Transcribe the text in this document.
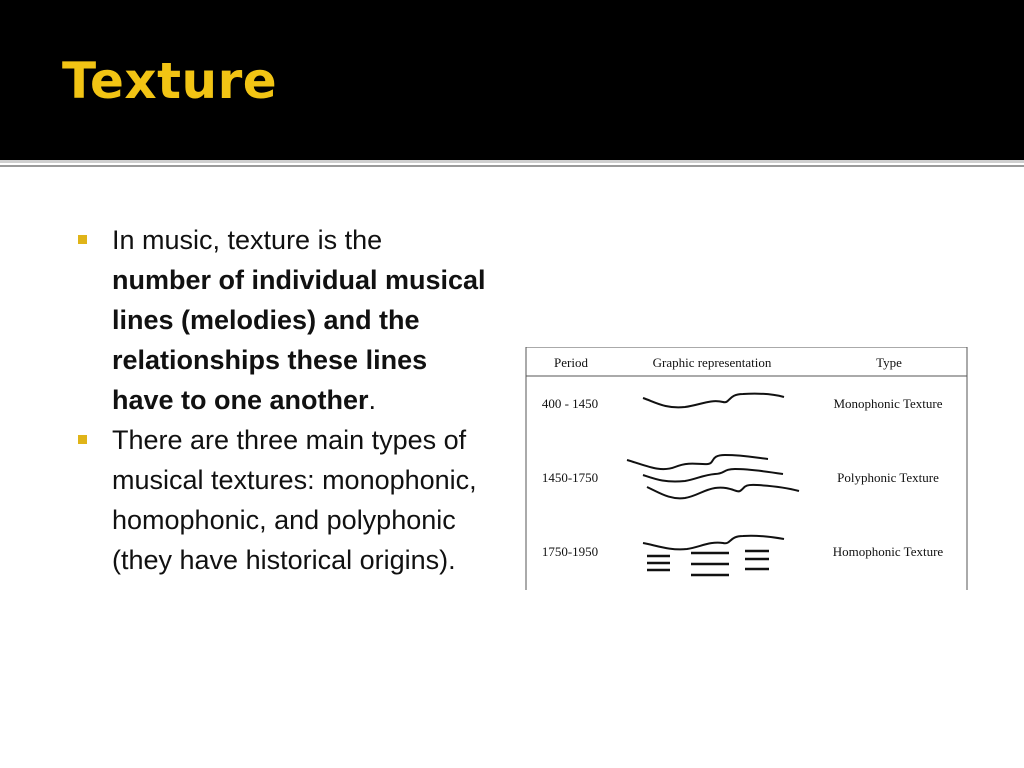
Texture
In music, texture is the number of individual musical lines (melodies) and the relationships these lines have to one another.
There are three main types of musical textures: monophonic, homophonic, and polyphonic (they have historical origins).
Period	Graphic representation	Type
400 - 1450	Monophonic Texture
1450-1750	Polyphonic Texture
1750-1950	Homophonic Texture
